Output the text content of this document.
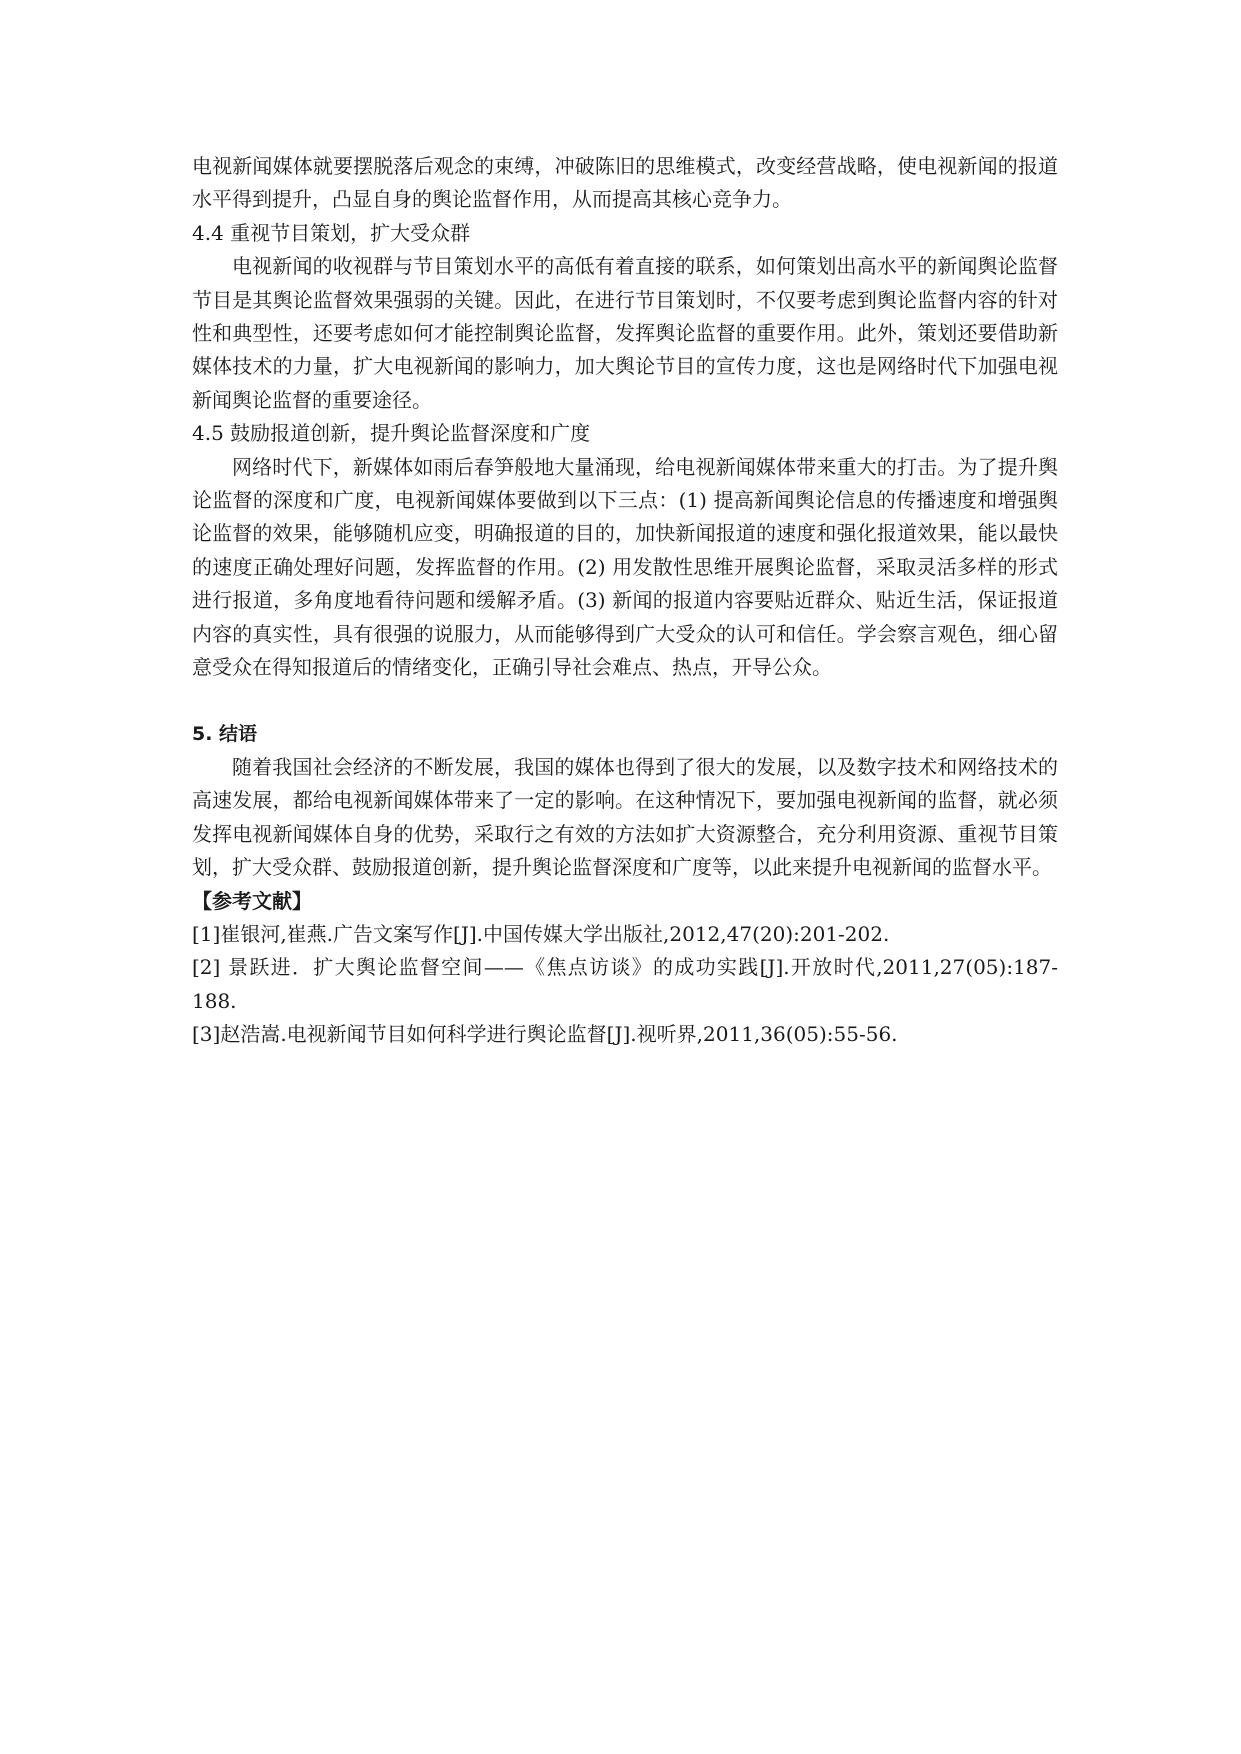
电视新闻媒体就要摆脱落后观念的束缚，冲破陈旧的思维模式，改变经营战略，使电视新闻的报道水平得到提升，凸显自身的舆论监督作用，从而提高其核心竞争力。

4.4 重视节目策划，扩大受众群

电视新闻的收视群与节目策划水平的高低有着直接的联系，如何策划出高水平的新闻舆论监督节目是其舆论监督效果强弱的关键。因此，在进行节目策划时，不仅要考虑到舆论监督内容的针对性和典型性，还要考虑如何才能控制舆论监督，发挥舆论监督的重要作用。此外，策划还要借助新媒体技术的力量，扩大电视新闻的影响力，加大舆论节目的宣传力度，这也是网络时代下加强电视新闻舆论监督的重要途径。

4.5 鼓励报道创新，提升舆论监督深度和广度

网络时代下，新媒体如雨后春笋般地大量涌现，给电视新闻媒体带来重大的打击。为了提升舆论监督的深度和广度，电视新闻媒体要做到以下三点：(1) 提高新闻舆论信息的传播速度和增强舆论监督的效果，能够随机应变，明确报道的目的，加快新闻报道的速度和强化报道效果，能以最快的速度正确处理好问题，发挥监督的作用。(2) 用发散性思维开展舆论监督，采取灵活多样的形式进行报道，多角度地看待问题和缓解矛盾。(3) 新闻的报道内容要贴近群众、贴近生活，保证报道内容的真实性，具有很强的说服力，从而能够得到广大受众的认可和信任。学会察言观色，细心留意受众在得知报道后的情绪变化，正确引导社会难点、热点，开导公众。

5. 结语

随着我国社会经济的不断发展，我国的媒体也得到了很大的发展，以及数字技术和网络技术的高速发展，都给电视新闻媒体带来了一定的影响。在这种情况下，要加强电视新闻的监督，就必须发挥电视新闻媒体自身的优势，采取行之有效的方法如扩大资源整合，充分利用资源、重视节目策划，扩大受众群、鼓励报道创新，提升舆论监督深度和广度等，以此来提升电视新闻的监督水平。

【参考文献】

[1]崔银河,崔燕.广告文案写作[J].中国传媒大学出版社,2012,47(20):201-202.

[2] 景跃进．扩大舆论监督空间——《焦点访谈》的成功实践[J].开放时代,2011,27(05):187-188.

[3]赵浩嵩.电视新闻节目如何科学进行舆论监督[J].视听界,2011,36(05):55-56.
